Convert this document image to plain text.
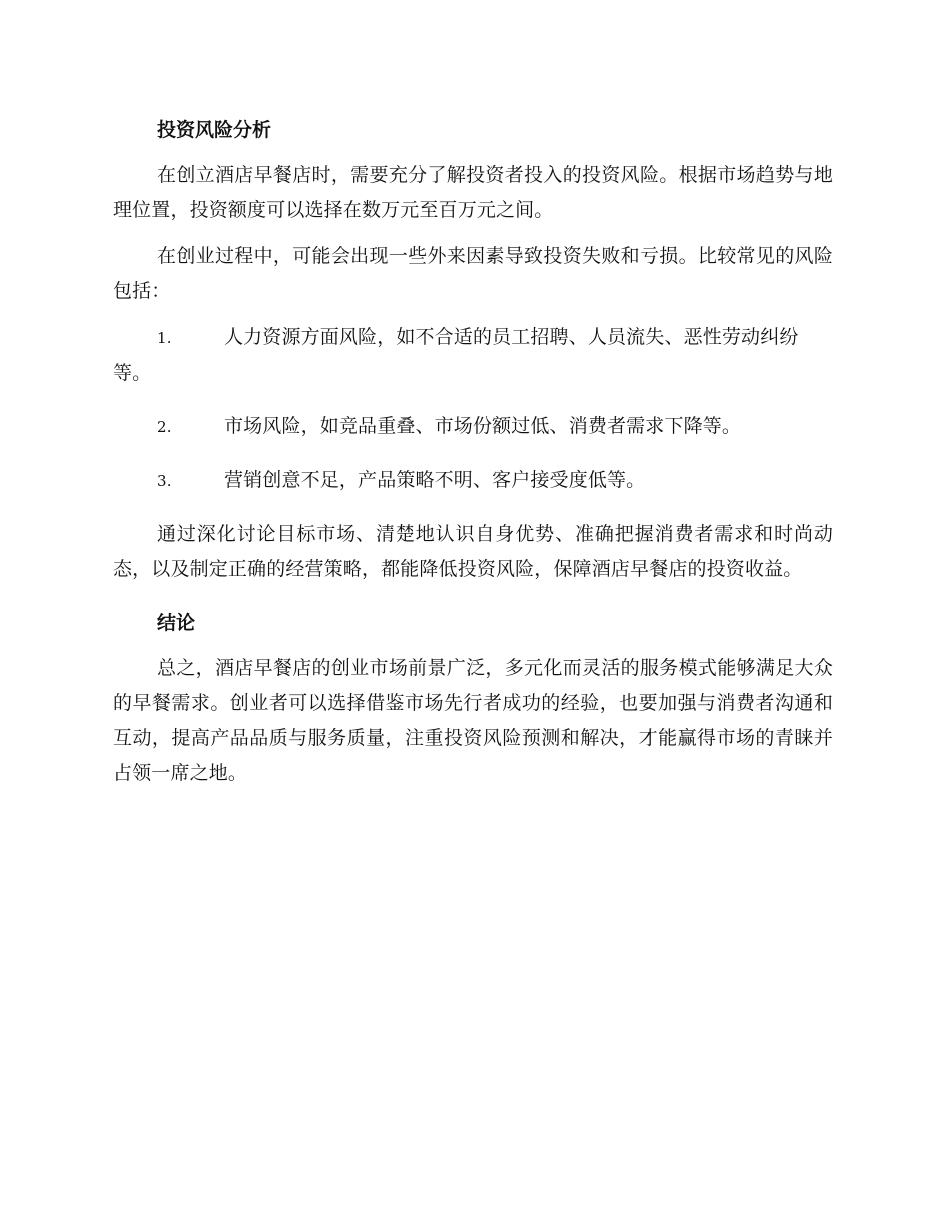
投资风险分析

在创立酒店早餐店时，需要充分了解投资者投入的投资风险。根据市场趋势与地理位置，投资额度可以选择在数万元至百万元之间。

在创业过程中，可能会出现一些外来因素导致投资失败和亏损。比较常见的风险包括：

1.	人力资源方面风险，如不合适的员工招聘、人员流失、恶性劳动纠纷等。
2.	市场风险，如竞品重叠、市场份额过低、消费者需求下降等。
3.	营销创意不足，产品策略不明、客户接受度低等。

通过深化讨论目标市场、清楚地认识自身优势、准确把握消费者需求和时尚动态，以及制定正确的经营策略，都能降低投资风险，保障酒店早餐店的投资收益。

结论

总之，酒店早餐店的创业市场前景广泛，多元化而灵活的服务模式能够满足大众的早餐需求。创业者可以选择借鉴市场先行者成功的经验，也要加强与消费者沟通和互动，提高产品品质与服务质量，注重投资风险预测和解决，才能赢得市场的青睐并占领一席之地。
